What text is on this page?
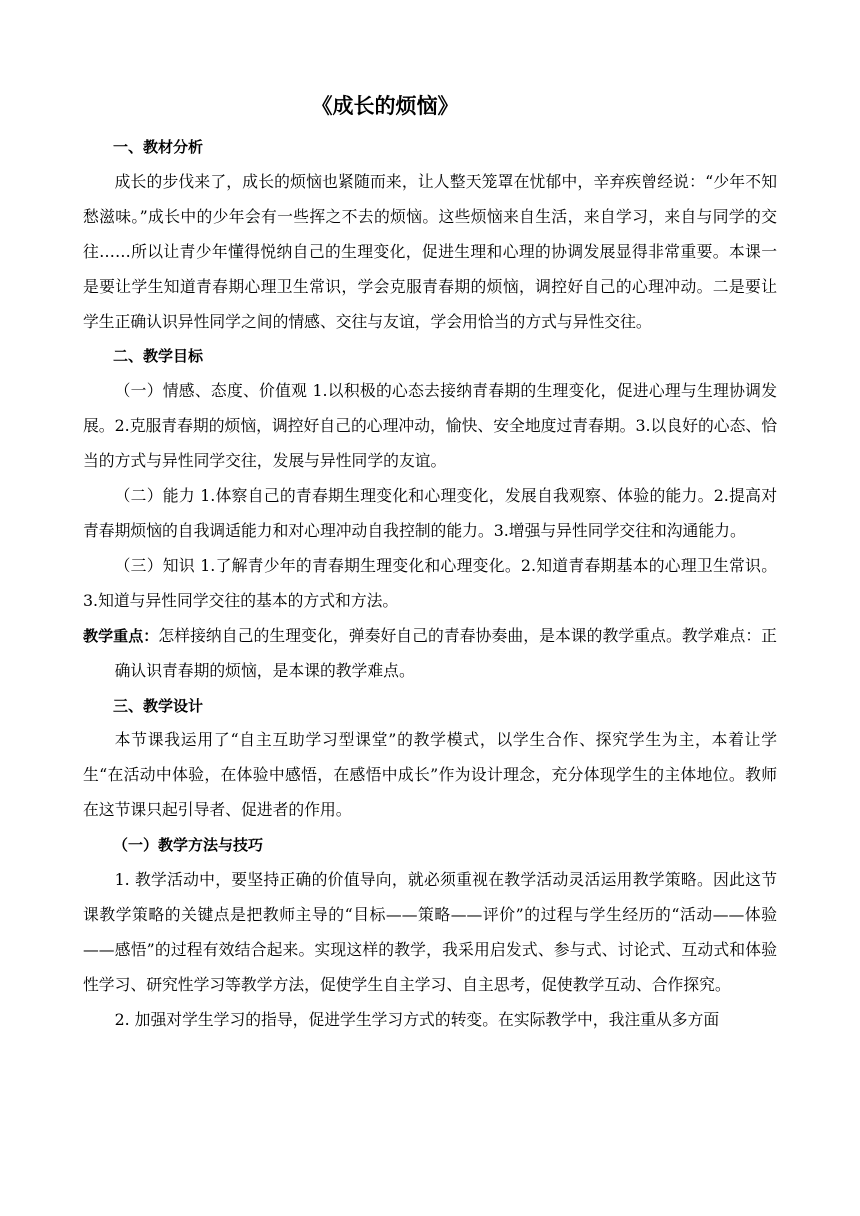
《成长的烦恼》

一、教材分析

成长的步伐来了，成长的烦恼也紧随而来，让人整天笼罩在忧郁中，辛弃疾曾经说：“少年不知愁滋味。”成长中的少年会有一些挥之不去的烦恼。这些烦恼来自生活，来自学习，来自与同学的交往……所以让青少年懂得悦纳自己的生理变化，促进生理和心理的协调发展显得非常重要。本课一是要让学生知道青春期心理卫生常识，学会克服青春期的烦恼，调控好自己的心理冲动。二是要让学生正确认识异性同学之间的情感、交往与友谊，学会用恰当的方式与异性交往。

二、教学目标

（一）情感、态度、价值观 1.以积极的心态去接纳青春期的生理变化，促进心理与生理协调发展。2.克服青春期的烦恼，调控好自己的心理冲动，愉快、安全地度过青春期。3.以良好的心态、恰当的方式与异性同学交往，发展与异性同学的友谊。

（二）能力 1.体察自己的青春期生理变化和心理变化，发展自我观察、体验的能力。2.提高对青春期烦恼的自我调适能力和对心理冲动自我控制的能力。3.增强与异性同学交往和沟通能力。

（三）知识 1.了解青少年的青春期生理变化和心理变化。2.知道青春期基本的心理卫生常识。3.知道与异性同学交往的基本的方式和方法。

教学重点：怎样接纳自己的生理变化，弹奏好自己的青春协奏曲，是本课的教学重点。教学难点：正确认识青春期的烦恼，是本课的教学难点。

三、教学设计

本节课我运用了“自主互助学习型课堂”的教学模式，以学生合作、探究学生为主，本着让学生“在活动中体验，在体验中感悟，在感悟中成长”作为设计理念，充分体现学生的主体地位。教师在这节课只起引导者、促进者的作用。

（一）教学方法与技巧

1. 教学活动中，要坚持正确的价值导向，就必须重视在教学活动灵活运用教学策略。因此这节课教学策略的关键点是把教师主导的“目标——策略——评价”的过程与学生经历的“活动——体验——感悟”的过程有效结合起来。实现这样的教学，我采用启发式、参与式、讨论式、互动式和体验性学习、研究性学习等教学方法，促使学生自主学习、自主思考，促使教学互动、合作探究。

2. 加强对学生学习的指导，促进学生学习方式的转变。在实际教学中，我注重从多方面
